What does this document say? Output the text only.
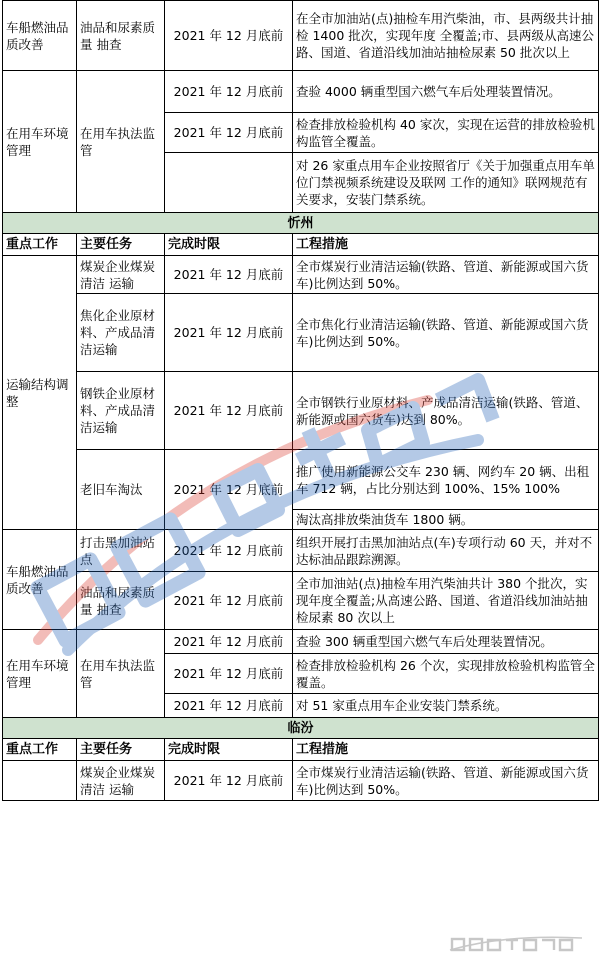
车船燃油品质改善	油品和尿素质量 抽查	2021 年 12 月底前	在全市加油站(点)抽检车用汽柴油，市、县两级共计抽检 1400 批次，实现年度 全覆盖;市、县两级从高速公路、国道、省道沿线加油站抽检尿素 50 批次以上
在用车环境管理	在用车执法监管	2021 年 12 月底前	查验 4000 辆重型国六燃气车后处理装置情况。
		2021 年 12 月底前	检查排放检验机构 40 家次，实现在运营的排放检验机构监管全覆盖。
			对 26 家重点用车企业按照省厅《关于加强重点用车单位门禁视频系统建设及联网 工作的通知》联网规范有关要求，安装门禁系统。
忻州			
重点工作	主要任务	完成时限	工程措施
运输结构调整	煤炭企业煤炭清洁 运输	2021 年 12 月底前	全市煤炭行业清洁运输(铁路、管道、新能源或国六货车)比例达到 50%。
	焦化企业原材料、产成品清洁运输	2021 年 12 月底前	全市焦化行业清洁运输(铁路、管道、新能源或国六货车)比例达到 50%。
	钢铁企业原材料、产成品清洁运输	2021 年 12 月底前	全市钢铁行业原材料、产成品清洁运输(铁路、管道、新能源或国六货车)达到 80%。
	老旧车淘汰	2021 年 12 月底前	推广使用新能源公交车 230 辆、网约车 20 辆、出租车 712 辆，占比分别达到 100%、15% 100%
			淘汰高排放柴油货车 1800 辆。
车船燃油品质改善	打击黑加油站点	2021 年 12 月底前	组织开展打击黑加油站点(车)专项行动 60 天，并对不达标油品跟踪溯源。
	油品和尿素质量 抽查	2021 年 12 月底前	全市加油站(点)抽检车用汽柴油共计 380 个批次，实现年度全覆盖;从高速公路、国道、省道沿线加油站抽检尿素 80 次以上
在用车环境管理	在用车执法监管	2021 年 12 月底前	查验 300 辆重型国六燃气车后处理装置情况。
		2021 年 12 月底前	检查排放检验机构 26 个次，实现排放检验机构监管全覆盖。
		2021 年 12 月底前	对 51 家重点用车企业安装门禁系统。
临汾			
重点工作	主要任务	完成时限	工程措施
	煤炭企业煤炭清洁 运输	2021 年 12 月底前	全市煤炭行业清洁运输(铁路、管道、新能源或国六货车)比例达到 50%。
